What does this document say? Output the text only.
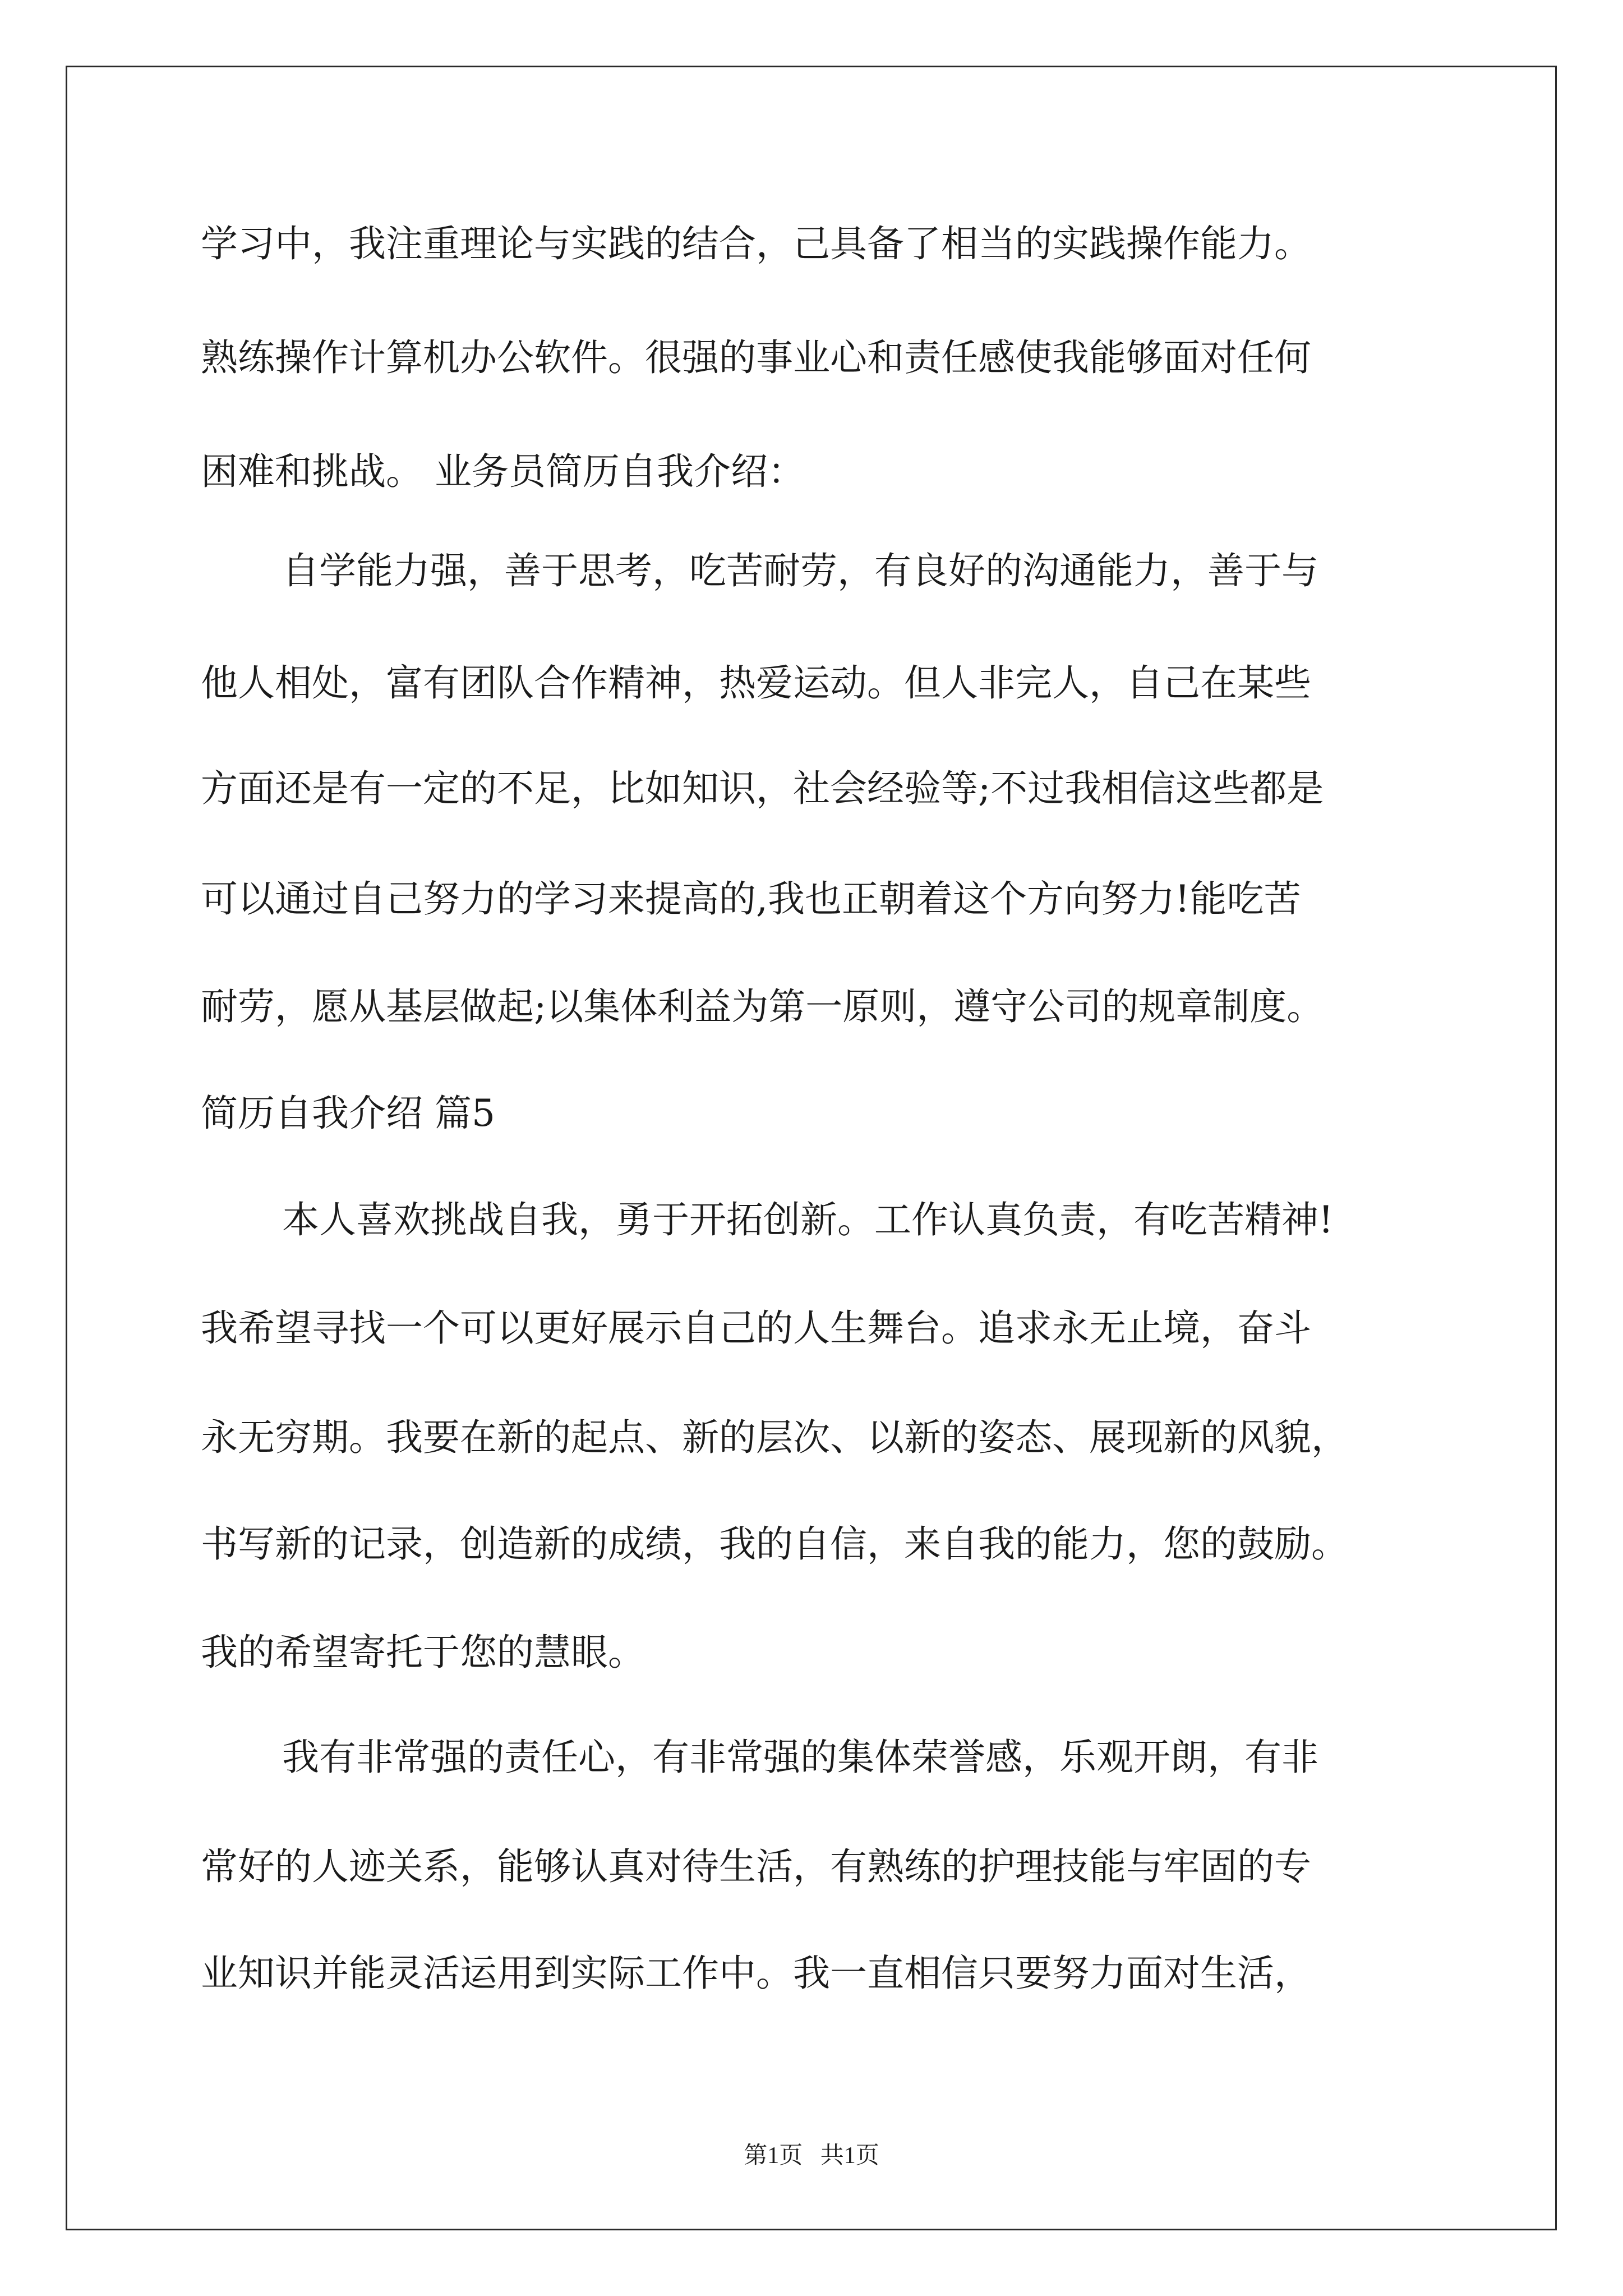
学习中，我注重理论与实践的结合，己具备了相当的实践操作能力。
熟练操作计算机办公软件。很强的事业心和责任感使我能够面对任何
困难和挑战。 业务员简历自我介绍：
自学能力强，善于思考，吃苦耐劳，有良好的沟通能力，善于与
他人相处，富有团队合作精神，热爱运动。但人非完人，自己在某些
方面还是有一定的不足，比如知识，社会经验等;不过我相信这些都是
可以通过自己努力的学习来提高的,我也正朝着这个方向努力!能吃苦
耐劳，愿从基层做起;以集体利益为第一原则，遵守公司的规章制度。
简历自我介绍 篇5
本人喜欢挑战自我，勇于开拓创新。工作认真负责，有吃苦精神!
我希望寻找一个可以更好展示自己的人生舞台。追求永无止境，奋斗
永无穷期。我要在新的起点、新的层次、以新的姿态、展现新的风貌，
书写新的记录，创造新的成绩，我的自信，来自我的能力，您的鼓励。
我的希望寄托于您的慧眼。
我有非常强的责任心，有非常强的集体荣誉感，乐观开朗，有非
常好的人迹关系，能够认真对待生活，有熟练的护理技能与牢固的专
业知识并能灵活运用到实际工作中。我一直相信只要努力面对生活，
第1页   共1页
